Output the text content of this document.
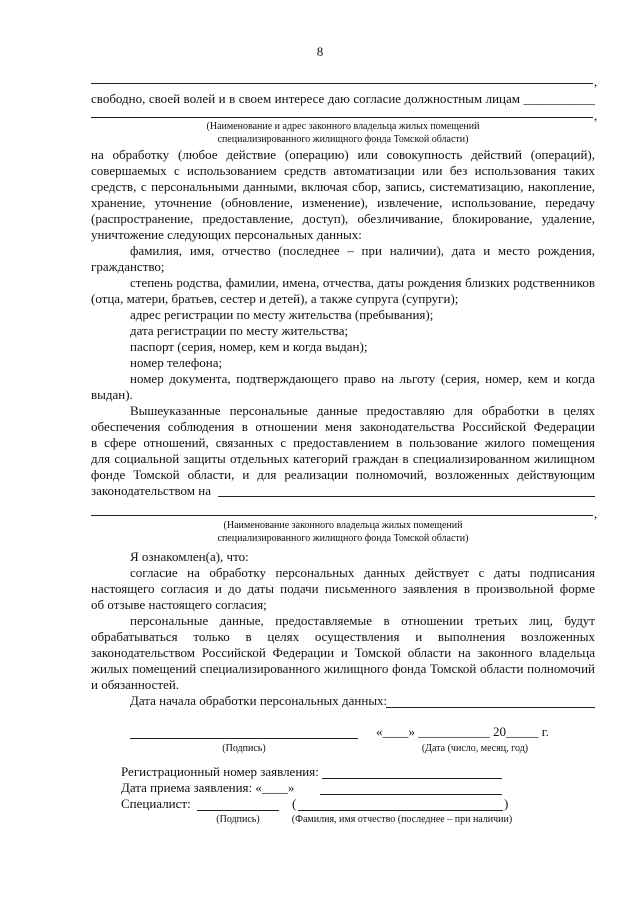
8
,
свободно, своей волей и в своем интересе даю согласие должностным лицам ___________
,
(Наименование и адрес законного владельца жилых помещений
специализированного жилищного фонда Томской области)
на обработку (любое действие (операцию) или совокупность действий (операций),
совершаемых с использованием средств автоматизации или без использования таких
средств, с персональными данными, включая сбор, запись, систематизацию, накопление,
хранение, уточнение (обновление, изменение), извлечение, использование, передачу
(распространение, предоставление, доступ), обезличивание, блокирование, удаление,
уничтожение следующих персональных данных:
фамилия, имя, отчество (последнее – при наличии), дата и место рождения,
гражданство;
степень родства, фамилии, имена, отчества, даты рождения близких родственников
(отца, матери, братьев, сестер и детей), а также супруга (супруги);
адрес регистрации по месту жительства (пребывания);
дата регистрации по месту жительства;
паспорт (серия, номер, кем и когда выдан);
номер телефона;
номер документа, подтверждающего право на льготу (серия, номер, кем и когда
выдан).
Вышеуказанные персональные данные предоставляю для обработки в целях
обеспечения соблюдения в отношении меня законодательства Российской Федерации
в сфере отношений, связанных с предоставлением в пользование жилого помещения
для социальной защиты отдельных категорий граждан в специализированном жилищном
фонде Томской области, и для реализации полномочий, возложенных действующим
законодательством на
,
(Наименование законного владельца жилых помещений
специализированного жилищного фонда Томской области)
Я ознакомлен(а), что:
согласие на обработку персональных данных действует с даты подписания
настоящего согласия и до даты подачи письменного заявления в произвольной форме
об отзыве настоящего согласия;
персональные данные, предоставляемые в отношении третьих лиц, будут
обрабатываться только в целях осуществления и выполнения возложенных
законодательством Российской Федерации и Томской области на законного владельца
жилых помещений специализированного жилищного фонда Томской области полномочий
и обязанностей.
Дата начала обработки персональных данных:
«____» ___________ 20_____ г.
(Подпись)	(Дата (число, месяц, год)
Регистрационный номер заявления:
Дата приема заявления: «____»
Специалист:	(	)
(Подпись)	(Фамилия, имя отчество (последнее – при наличии)
